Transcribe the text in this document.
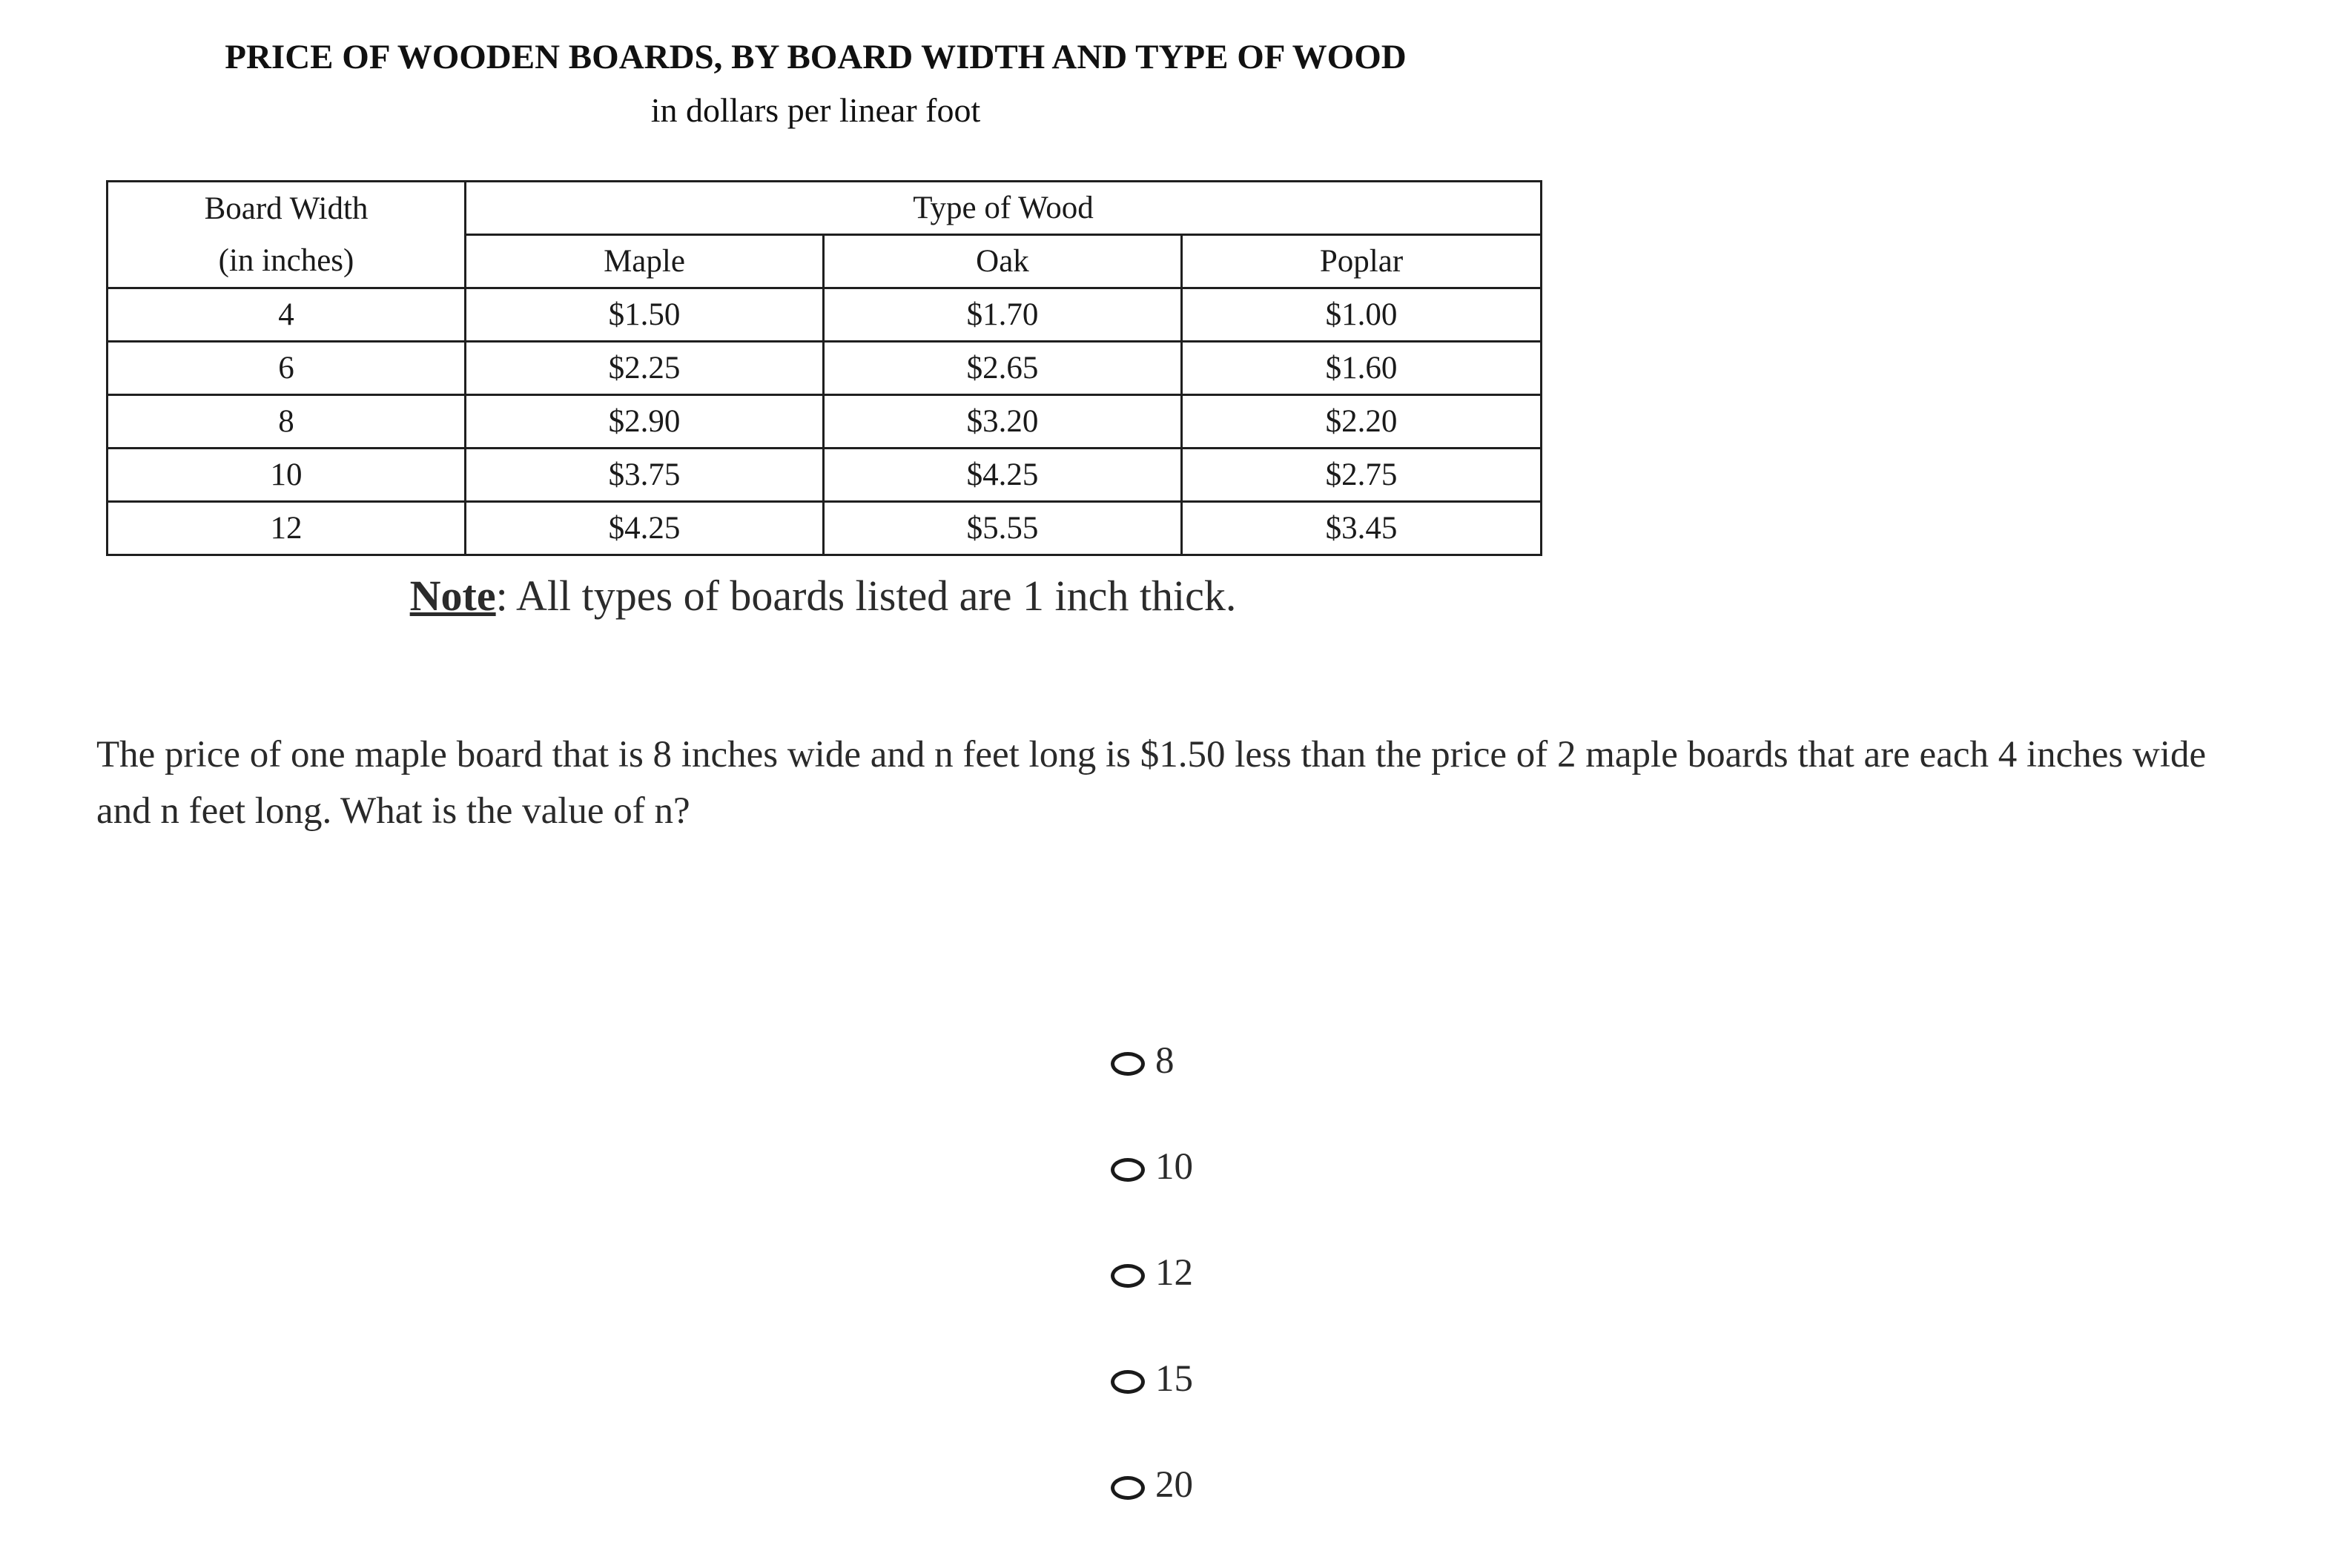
PRICE OF WOODEN BOARDS, BY BOARD WIDTH AND TYPE OF WOOD
in dollars per linear foot
Board Width	Type of Wood		
(in inches)	Maple	Oak	Poplar
4	$1.50	$1.70	$1.00
6	$2.25	$2.65	$1.60
8	$2.90	$3.20	$2.20
10	$3.75	$4.25	$2.75
12	$4.25	$5.55	$3.45
Note: All types of boards listed are 1 inch thick.

The price of one maple board that is 8 inches wide and n feet long is $1.50 less than the price of 2 maple boards that are each 4 inches wide and n feet long. What is the value of n?

8
10
12
15
20
